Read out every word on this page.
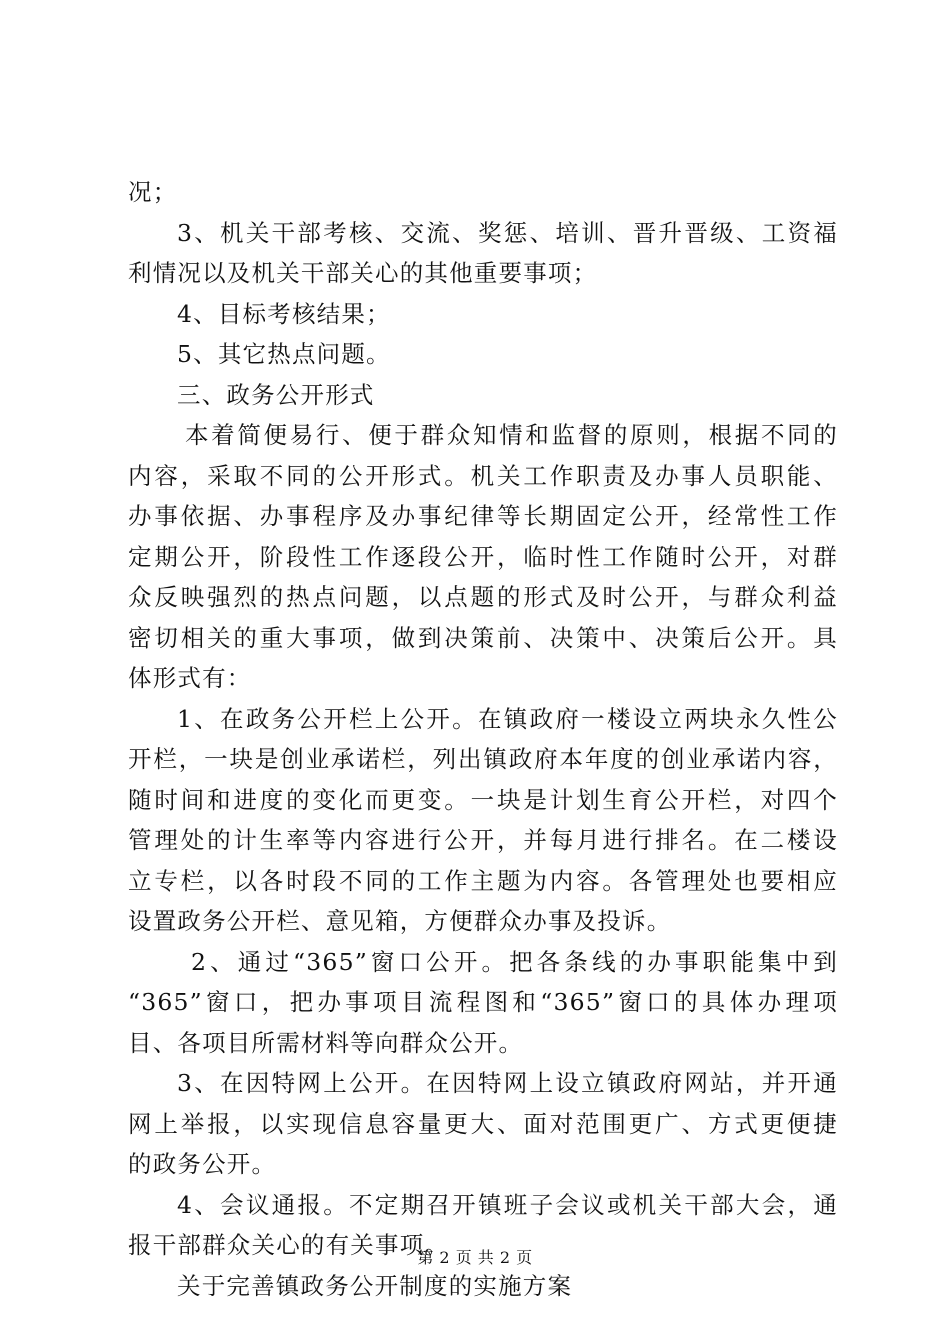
况；
3、机关干部考核、交流、奖惩、培训、晋升晋级、工资福
利情况以及机关干部关心的其他重要事项；
4、目标考核结果；
5、其它热点问题。
三、政务公开形式
本着简便易行、便于群众知情和监督的原则，根据不同的
内容，采取不同的公开形式。机关工作职责及办事人员职能、
办事依据、办事程序及办事纪律等长期固定公开，经常性工作
定期公开，阶段性工作逐段公开，临时性工作随时公开，对群
众反映强烈的热点问题，以点题的形式及时公开，与群众利益
密切相关的重大事项，做到决策前、决策中、决策后公开。具
体形式有：
1、在政务公开栏上公开。在镇政府一楼设立两块永久性公
开栏，一块是创业承诺栏，列出镇政府本年度的创业承诺内容，
随时间和进度的变化而更变。一块是计划生育公开栏，对四个
管理处的计生率等内容进行公开，并每月进行排名。在二楼设
立专栏，以各时段不同的工作主题为内容。各管理处也要相应
设置政务公开栏、意见箱，方便群众办事及投诉。
2、通过“365”窗口公开。把各条线的办事职能集中到
“365”窗口，把办事项目流程图和“365”窗口的具体办理项
目、各项目所需材料等向群众公开。
3、在因特网上公开。在因特网上设立镇政府网站，并开通
网上举报，以实现信息容量更大、面对范围更广、方式更便捷
的政务公开。
4、会议通报。不定期召开镇班子会议或机关干部大会，通
报干部群众关心的有关事项。
关于完善镇政务公开制度的实施方案
第 2 页 共 2 页
